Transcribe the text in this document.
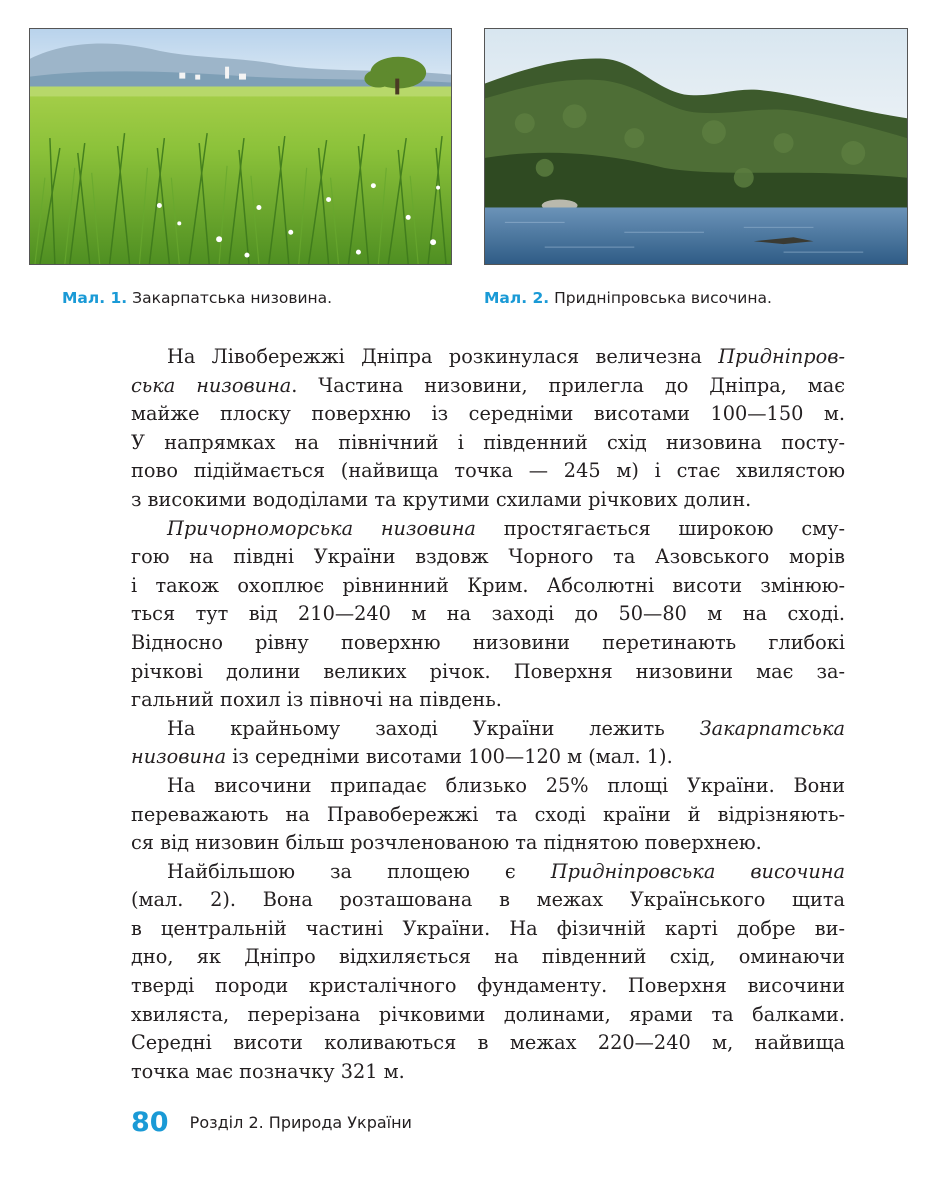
Мал. 1. Закарпатська низовина.	Мал. 2. Придніпровська височина.
На Лівобережжі Дніпра розкинулася величезна Придніпров-
ська низовина. Частина низовини, прилегла до Дніпра, має
майже плоску поверхню із середніми висотами 100—150 м.
У напрямках на північний і південний схід низовина посту-
пово підіймається (найвища точка — 245 м) і стає хвилястою
з високими вододілами та крутими схилами річкових долин.
Причорноморська низовина простягається широкою сму-
гою на півдні України вздовж Чорного та Азовського морів
і також охоплює рівнинний Крим. Абсолютні висоти змінюю-
ться тут від 210—240 м на заході до 50—80 м на сході.
Відносно рівну поверхню низовини перетинають глибокі
річкові долини великих річок. Поверхня низовини має за-
гальний похил із півночі на південь.
На крайньому заході України лежить Закарпатська
низовина із середніми висотами 100—120 м (мал. 1).
На височини припадає близько 25% площі України. Вони
переважають на Правобережжі та сході країни й відрізняють-
ся від низовин більш розчленованою та піднятою поверхнею.
Найбільшою за площею є Придніпровська височина
(мал. 2). Вона розташована в межах Українського щита
в центральній частині України. На фізичній карті добре ви-
дно, як Дніпро відхиляється на південний схід, оминаючи
тверді породи кристалічного фундаменту. Поверхня височини
хвиляста, перерізана річковими долинами, ярами та балками.
Середні висоти коливаються в межах 220—240 м, найвища
точка має позначку 321 м.
80 Розділ 2. Природа України
